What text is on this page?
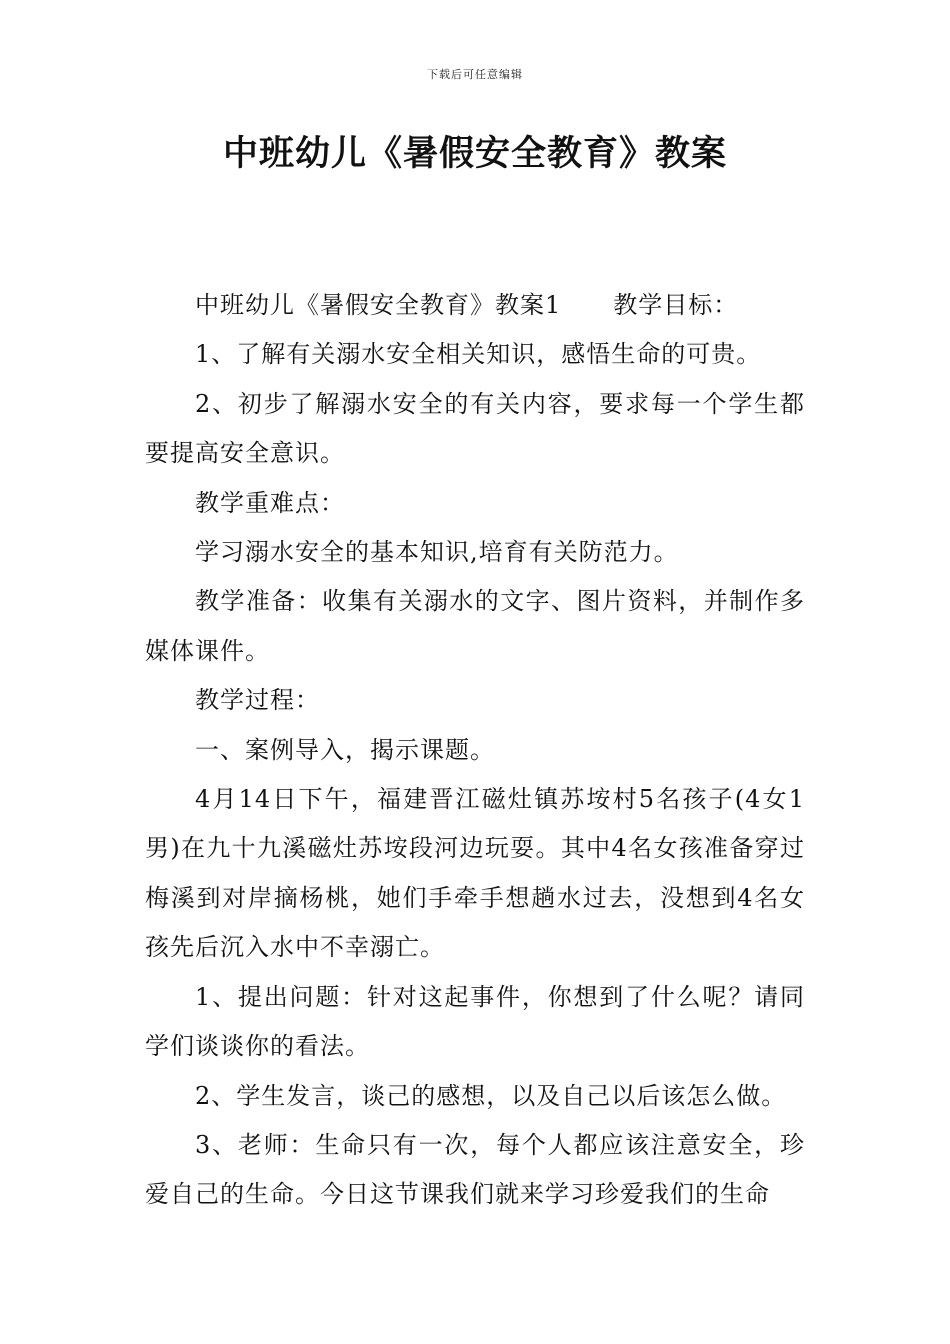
下载后可任意编辑
中班幼儿《暑假安全教育》教案

中班幼儿《暑假安全教育》教案1 教学目标：

1、了解有关溺水安全相关知识，感悟生命的可贵。

2、初步了解溺水安全的有关内容，要求每一个学生都要提高安全意识。

教学重难点：

学习溺水安全的基本知识,培育有关防范力。

教学准备：收集有关溺水的文字、图片资料，并制作多媒体课件。

教学过程：

一、案例导入，揭示课题。

4月14日下午，福建晋江磁灶镇苏垵村5名孩子(4女1男)在九十九溪磁灶苏垵段河边玩耍。其中4名女孩准备穿过梅溪到对岸摘杨桃，她们手牵手想趟水过去，没想到4名女孩先后沉入水中不幸溺亡。

1、提出问题：针对这起事件，你想到了什么呢？请同学们谈谈你的看法。

2、学生发言，谈己的感想，以及自己以后该怎么做。

3、老师：生命只有一次，每个人都应该注意安全，珍爱自己的生命。今日这节课我们就来学习珍爱我们的生命
